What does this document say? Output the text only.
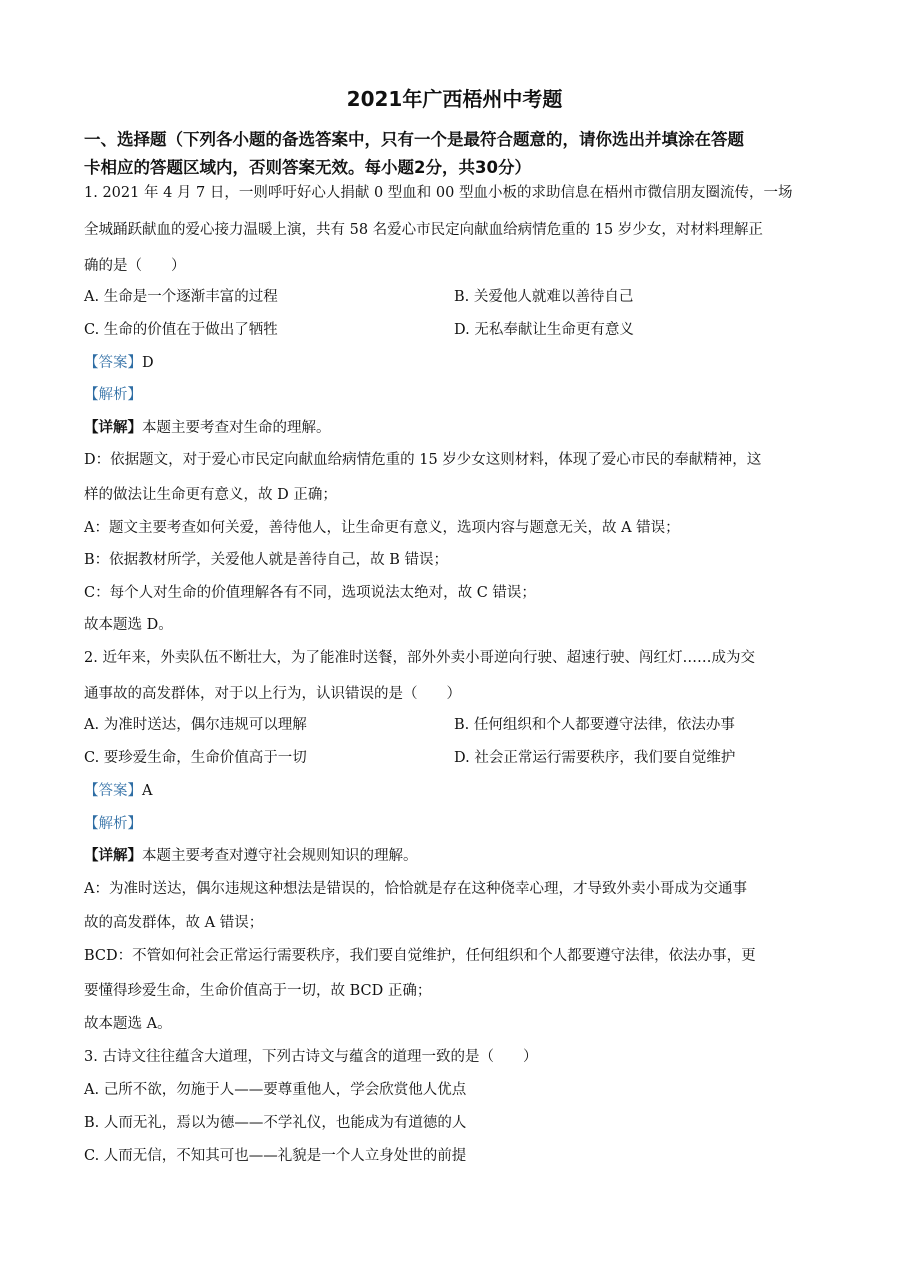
2021年广西梧州中考题
一、选择题（下列各小题的备选答案中，只有一个是最符合题意的，请你选出并填涂在答题
卡相应的答题区域内，否则答案无效。每小题2分，共30分）

1. 2021 年 4 月 7 日，一则呼吁好心人捐献 0 型血和 00 型血小板的求助信息在梧州市微信朋友圈流传，一场

全城踊跃献血的爱心接力温暖上演，共有 58 名爱心市民定向献血给病情危重的 15 岁少女，对材料理解正

确的是（　　）

A. 生命是一个逐渐丰富的过程	B. 关爱他人就难以善待自己

C. 生命的价值在于做出了牺牲	D. 无私奉献让生命更有意义

【答案】D

【解析】

【详解】本题主要考查对生命的理解。

D：依据题文，对于爱心市民定向献血给病情危重的 15 岁少女这则材料，体现了爱心市民的奉献精神，这

样的做法让生命更有意义，故 D 正确；

A：题文主要考查如何关爱，善待他人，让生命更有意义，选项内容与题意无关，故 A 错误；

B：依据教材所学，关爱他人就是善待自己，故 B 错误；

C：每个人对生命的价值理解各有不同，选项说法太绝对，故 C 错误；

故本题选 D。

2. 近年来，外卖队伍不断壮大，为了能准时送餐，部外外卖小哥逆向行驶、超速行驶、闯红灯……成为交

通事故的高发群体，对于以上行为，认识错误的是（　　）

A. 为准时送达，偶尔违规可以理解	B. 任何组织和个人都要遵守法律，依法办事

C. 要珍爱生命，生命价值高于一切	D. 社会正常运行需要秩序，我们要自觉维护

【答案】A

【解析】

【详解】本题主要考查对遵守社会规则知识的理解。

A：为准时送达，偶尔违规这种想法是错误的，恰恰就是存在这种侥幸心理，才导致外卖小哥成为交通事

故的高发群体，故 A 错误；

BCD：不管如何社会正常运行需要秩序，我们要自觉维护，任何组织和个人都要遵守法律，依法办事，更

要懂得珍爱生命，生命价值高于一切，故 BCD 正确；

故本题选 A。

3. 古诗文往往蕴含大道理，下列古诗文与蕴含的道理一致的是（　　）

A. 己所不欲，勿施于人——要尊重他人，学会欣赏他人优点

B. 人而无礼，焉以为德——不学礼仪，也能成为有道德的人

C. 人而无信，不知其可也——礼貌是一个人立身处世的前提
